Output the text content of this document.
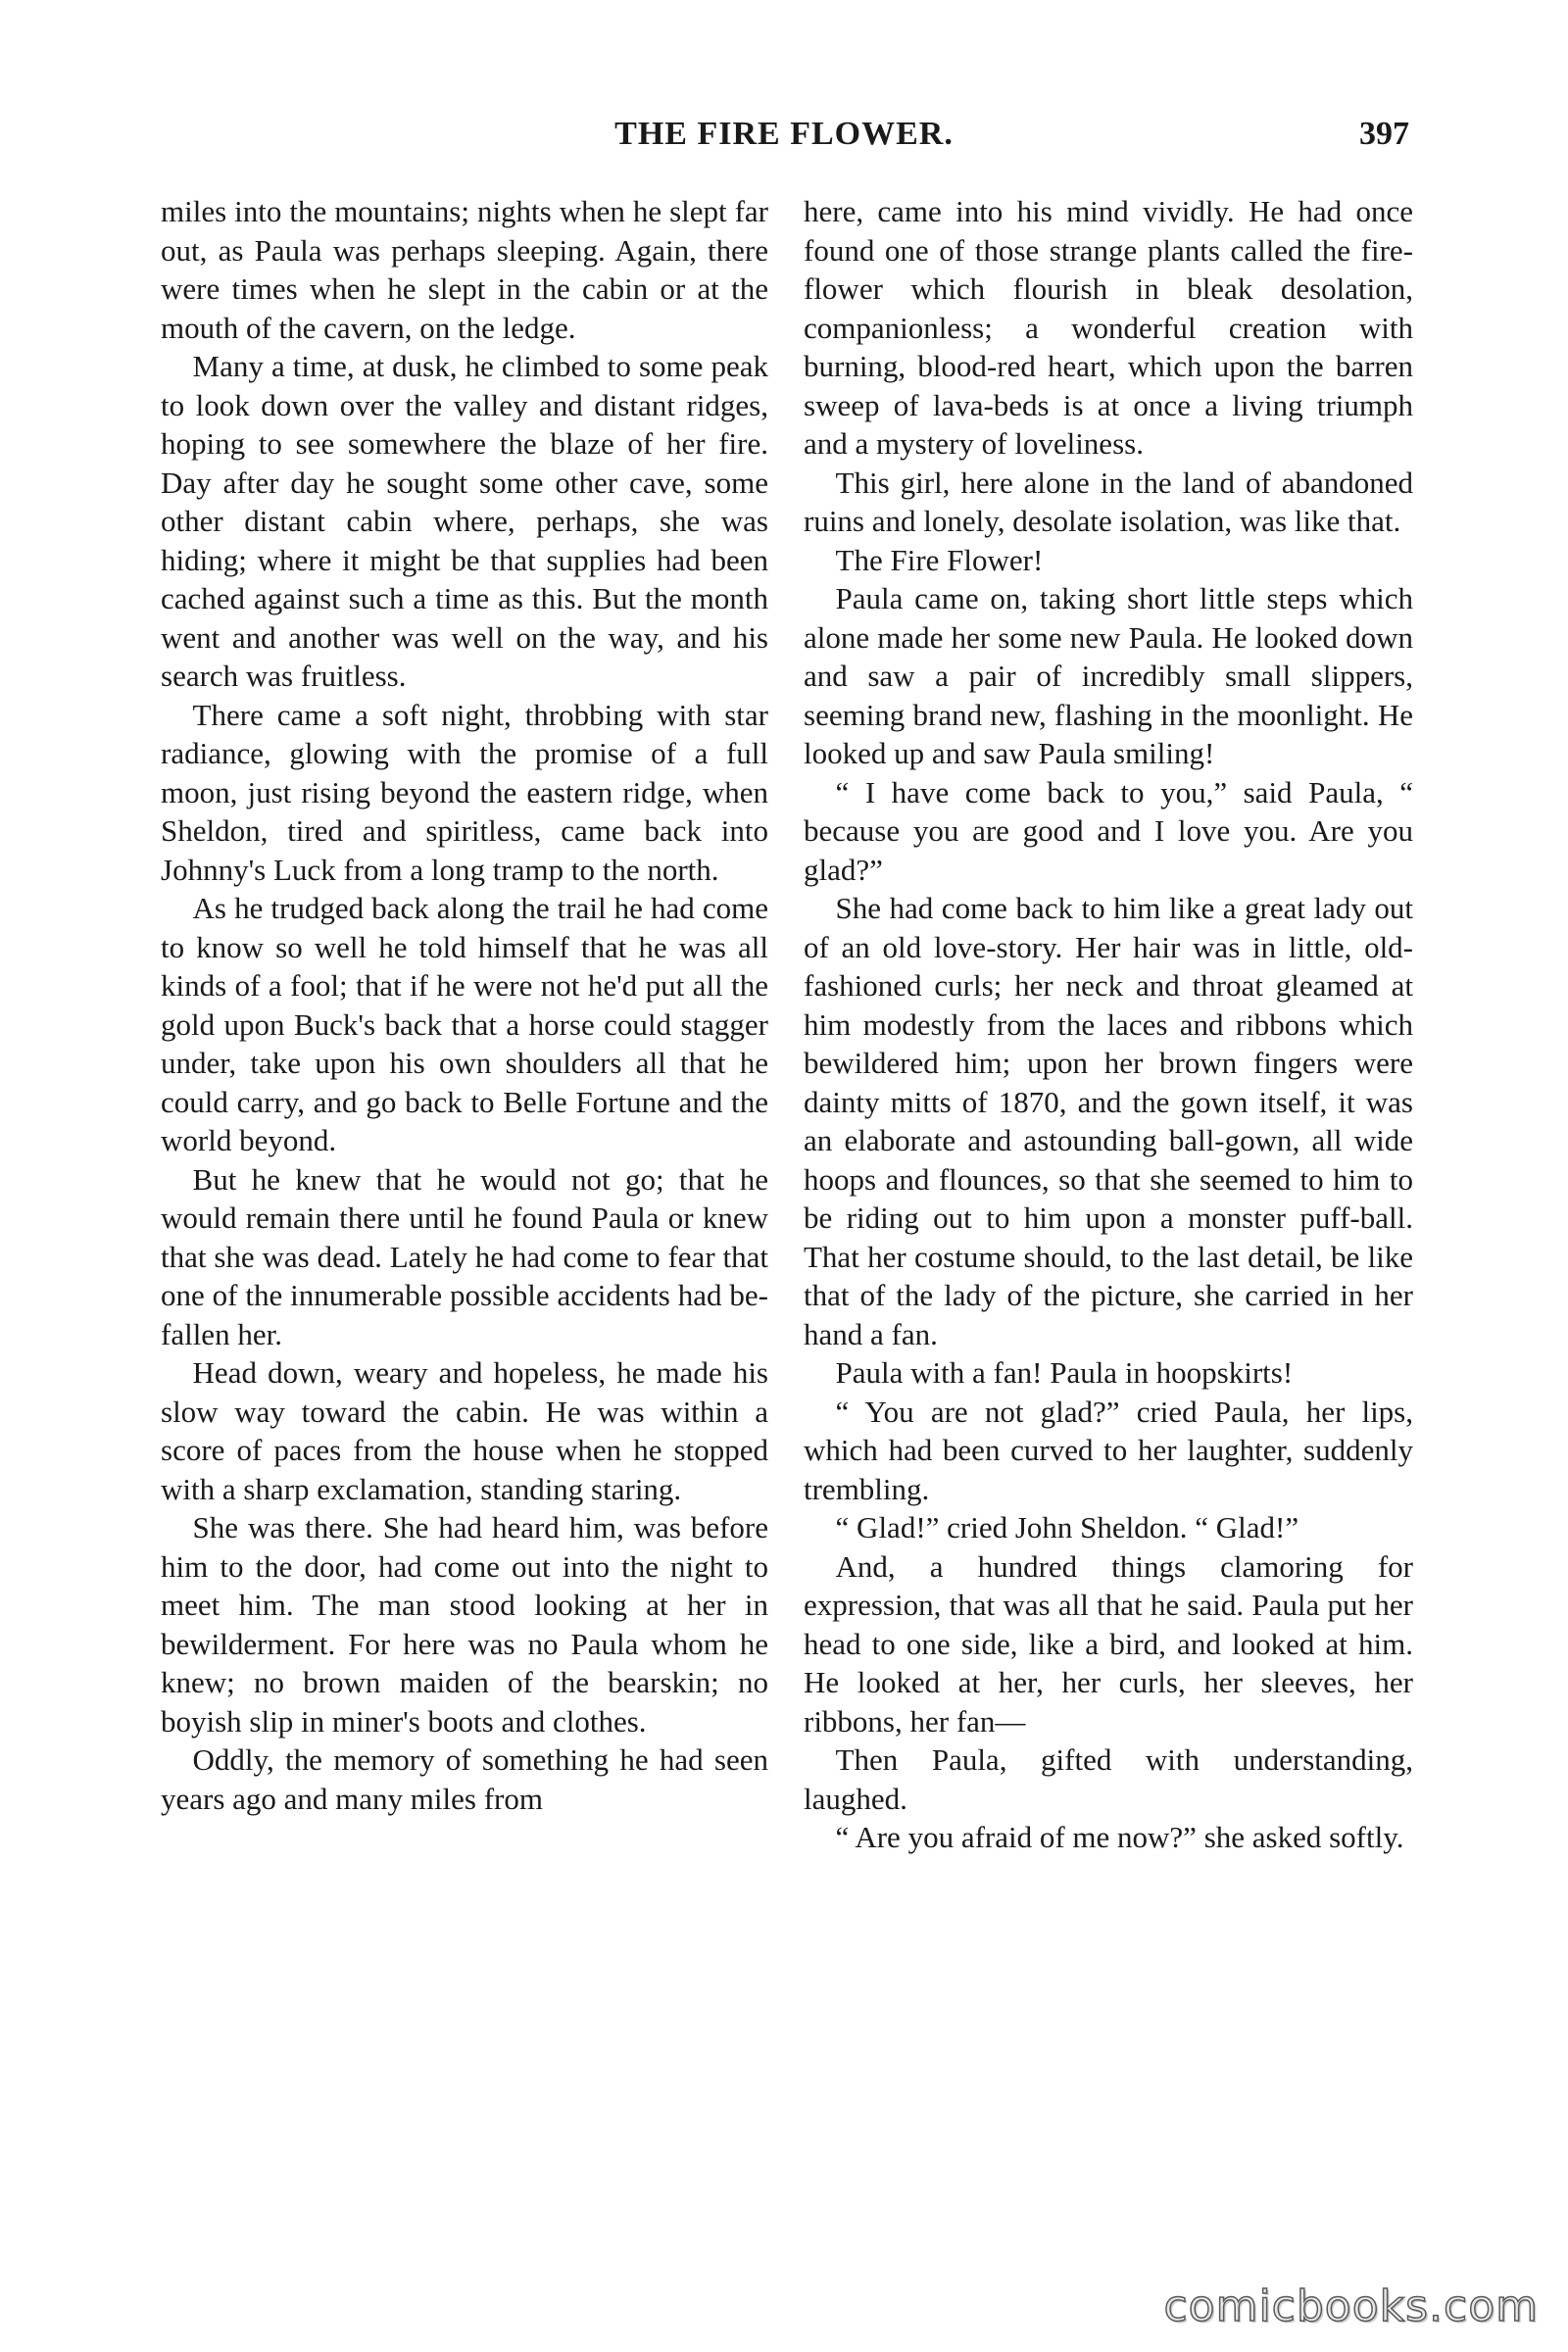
THE FIRE FLOWER.	397

miles into the mountains; nights when he slept far out, as Paula was perhaps sleeping. Again, there were times when he slept in the cabin or at the mouth of the cavern, on the ledge.

Many a time, at dusk, he climbed to some peak to look down over the valley and distant ridges, hoping to see somewhere the blaze of her fire. Day after day he sought some other cave, some other distant cabin where, perhaps, she was hiding; where it might be that supplies had been cached against such a time as this. But the month went and another was well on the way, and his search was fruitless.

There came a soft night, throbbing with star radiance, glowing with the promise of a full moon, just rising beyond the eastern ridge, when Sheldon, tired and spiritless, came back into Johnny's Luck from a long tramp to the north.

As he trudged back along the trail he had come to know so well he told himself that he was all kinds of a fool; that if he were not he'd put all the gold upon Buck's back that a horse could stagger under, take upon his own shoulders all that he could carry, and go back to Belle Fortune and the world beyond.

But he knew that he would not go; that he would remain there until he found Paula or knew that she was dead. Lately he had come to fear that one of the innumerable possible accidents had befallen her.

Head down, weary and hopeless, he made his slow way toward the cabin. He was within a score of paces from the house when he stopped with a sharp exclamation, standing staring.

She was there. She had heard him, was before him to the door, had come out into the night to meet him. The man stood looking at her in bewilderment. For here was no Paula whom he knew; no brown maiden of the bearskin; no boyish slip in miner's boots and clothes.

Oddly, the memory of something he had seen years ago and many miles from

here, came into his mind vividly. He had once found one of those strange plants called the fire-flower which flourish in bleak desolation, companionless; a wonderful creation with burning, blood-red heart, which upon the barren sweep of lava-beds is at once a living triumph and a mystery of loveliness.

This girl, here alone in the land of abandoned ruins and lonely, desolate isolation, was like that.

The Fire Flower!

Paula came on, taking short little steps which alone made her some new Paula. He looked down and saw a pair of incredibly small slippers, seeming brand new, flashing in the moonlight. He looked up and saw Paula smiling!

“ I have come back to you,” said Paula, “ because you are good and I love you. Are you glad?”

She had come back to him like a great lady out of an old love-story. Her hair was in little, old-fashioned curls; her neck and throat gleamed at him modestly from the laces and ribbons which bewildered him; upon her brown fingers were dainty mitts of 1870, and the gown itself, it was an elaborate and astounding ball-gown, all wide hoops and flounces, so that she seemed to him to be riding out to him upon a monster puff-ball. That her costume should, to the last detail, be like that of the lady of the picture, she carried in her hand a fan.

Paula with a fan! Paula in hoopskirts!

“ You are not glad?” cried Paula, her lips, which had been curved to her laughter, suddenly trembling.

“ Glad!” cried John Sheldon. “ Glad!”

And, a hundred things clamoring for expression, that was all that he said. Paula put her head to one side, like a bird, and looked at him. He looked at her, her curls, her sleeves, her ribbons, her fan—

Then Paula, gifted with understanding, laughed.

“ Are you afraid of me now?” she asked softly.

comicbooks.com
